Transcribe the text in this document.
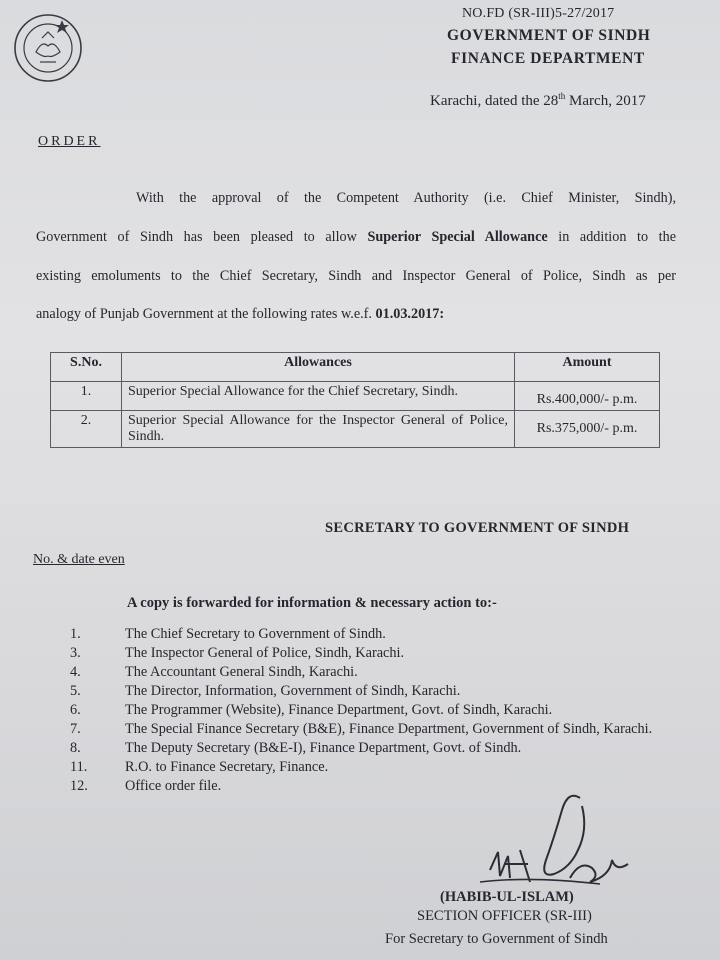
NO.FD (SR-III)5-27/2017
GOVERNMENT OF SINDH
FINANCE DEPARTMENT
Karachi, dated the 28th March, 2017
ORDER
With the approval of the Competent Authority (i.e. Chief Minister, Sindh),
Government of Sindh has been pleased to allow Superior Special Allowance in addition to the
existing emoluments to the Chief Secretary, Sindh and Inspector General of Police, Sindh as per
analogy of Punjab Government at the following rates w.e.f. 01.03.2017:
S.No.	Allowances	Amount
1.	Superior Special Allowance for the Chief Secretary, Sindh.	Rs.400,000/- p.m.
2.	Superior Special Allowance for the Inspector General of Police, Sindh.	Rs.375,000/- p.m.
SECRETARY TO GOVERNMENT OF SINDH
No. & date even
A copy is forwarded for information & necessary action to:-
1.	The Chief Secretary to Government of Sindh.
3.	The Inspector General of Police, Sindh, Karachi.
4.	The Accountant General Sindh, Karachi.
5.	The Director, Information, Government of Sindh, Karachi.
6.	The Programmer (Website), Finance Department, Govt. of Sindh, Karachi.
7.	The Special Finance Secretary (B&E), Finance Department, Government of Sindh, Karachi.
8.	The Deputy Secretary (B&E-I), Finance Department, Govt. of Sindh.
11.	R.O. to Finance Secretary, Finance.
12.	Office order file.
(HABIB-UL-ISLAM)
SECTION OFFICER (SR-III)
For Secretary to Government of Sindh
